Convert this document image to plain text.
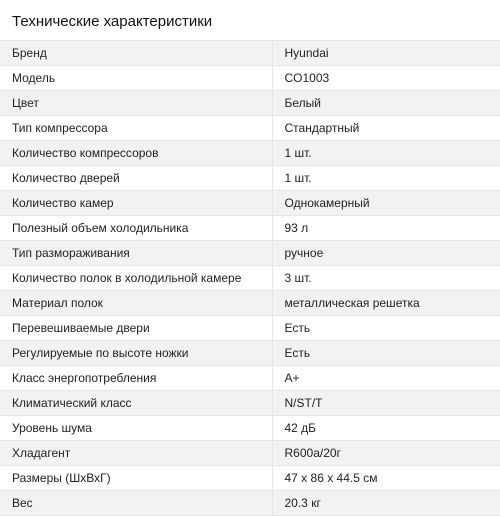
Технические характеристики
Бренд	Hyundai
Модель	CO1003
Цвет	Белый
Тип компрессора	Стандартный
Количество компрессоров	1 шт.
Количество дверей	1 шт.
Количество камер	Однокамерный
Полезный объем холодильника	93 л
Тип размораживания	ручное
Количество полок в холодильной камере	3 шт.
Материал полок	металлическая решетка
Перевешиваемые двери	Есть
Регулируемые по высоте ножки	Есть
Класс энергопотребления	A+
Климатический класс	N/ST/T
Уровень шума	42 дБ
Хладагент	R600a/20г
Размеры (ШхВхГ)	47 x 86 x 44.5 см
Вес	20.3 кг
